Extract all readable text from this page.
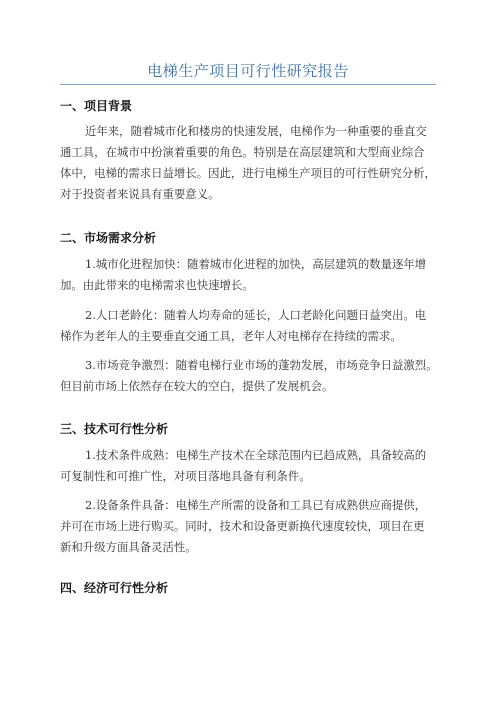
电梯生产项目可行性研究报告
一、项目背景
近年来，随着城市化和楼房的快速发展，电梯作为一种重要的垂直交
通工具，在城市中扮演着重要的角色。特别是在高层建筑和大型商业综合
体中，电梯的需求日益增长。因此，进行电梯生产项目的可行性研究分析，
对于投资者来说具有重要意义。
二、市场需求分析
1.城市化进程加快：随着城市化进程的加快，高层建筑的数量逐年增
加。由此带来的电梯需求也快速增长。
2.人口老龄化：随着人均寿命的延长，人口老龄化问题日益突出。电
梯作为老年人的主要垂直交通工具，老年人对电梯存在持续的需求。
3.市场竞争激烈：随着电梯行业市场的蓬勃发展，市场竞争日益激烈。
但目前市场上依然存在较大的空白，提供了发展机会。
三、技术可行性分析
1.技术条件成熟：电梯生产技术在全球范围内已趋成熟，具备较高的
可复制性和可推广性，对项目落地具备有利条件。
2.设备条件具备：电梯生产所需的设备和工具已有成熟供应商提供，
并可在市场上进行购买。同时，技术和设备更新换代速度较快，项目在更
新和升级方面具备灵活性。
四、经济可行性分析
